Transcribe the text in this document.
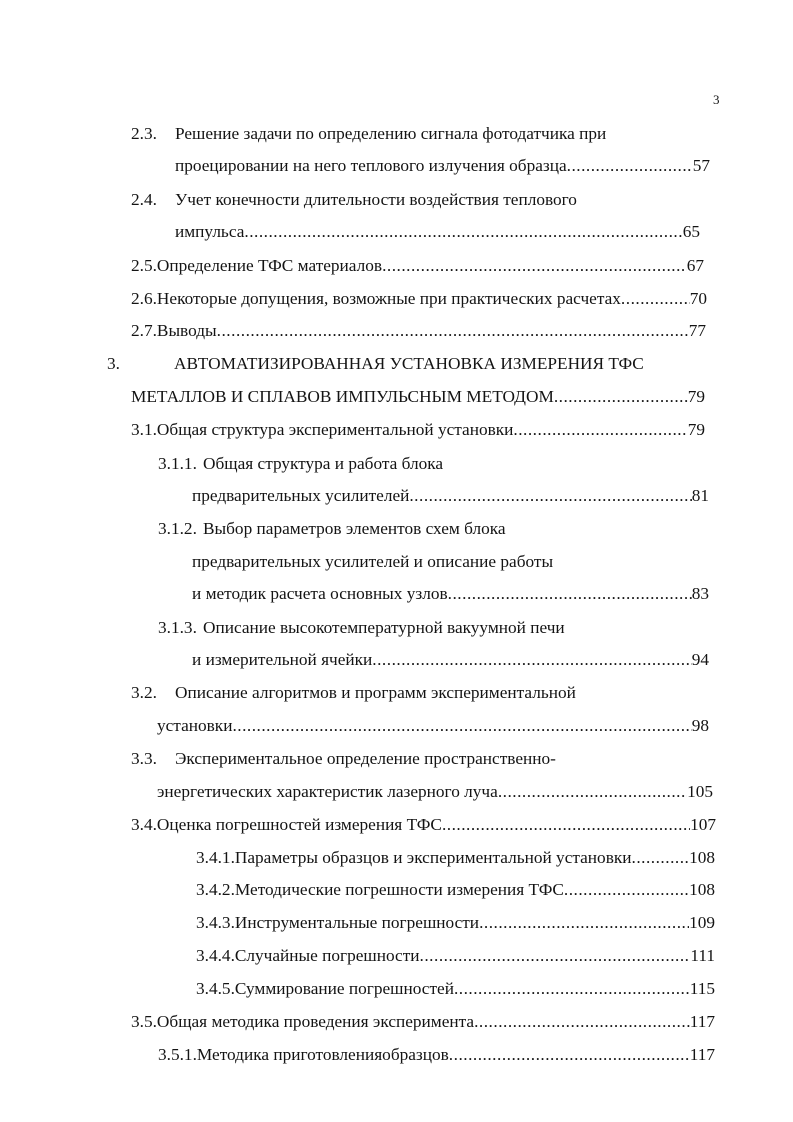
3
2.3.	Решение задачи по определению сигнала фотодатчика при
проецировании на него теплового излучения образца .....	57
2.4.	Учет конечности длительности воздействия теплового
импульса .....	65
2.5. Определение ТФС материалов .....	67
2.6. Некоторые допущения, возможные при практических расчетах .....	70
2.7. Выводы .....	77
3.	АВТОМАТИЗИРОВАННАЯ УСТАНОВКА ИЗМЕРЕНИЯ ТФС
МЕТАЛЛОВ И СПЛАВОВ ИМПУЛЬСНЫМ МЕТОДОМ .....	79
3.1. Общая структура экспериментальной установки .....	79
3.1.1. Общая структура и работа блока
предварительных усилителей .....	81
3.1.2. Выбор параметров элементов схем блока
предварительных усилителей и описание работы
и методик расчета основных узлов .....	83
3.1.3. Описание высокотемпературной вакуумной печи
и измерительной ячейки .....	94
3.2.	Описание алгоритмов и программ экспериментальной
установки .....	98
3.3.	Экспериментальное определение пространственно-
энергетических характеристик лазерного луча .....	105
3.4. Оценка погрешностей измерения ТФС .....	107
3.4.1. Параметры образцов и экспериментальной установки .....	108
3.4.2. Методические погрешности измерения ТФС .....	108
3.4.3. Инструментальные погрешности .....	109
3.4.4. Случайные погрешности .....	111
3.4.5. Суммирование погрешностей .....	115
3.5. Общая методика проведения эксперимента .....	117
3.5.1. Методика приготовленияобразцов .....	117
